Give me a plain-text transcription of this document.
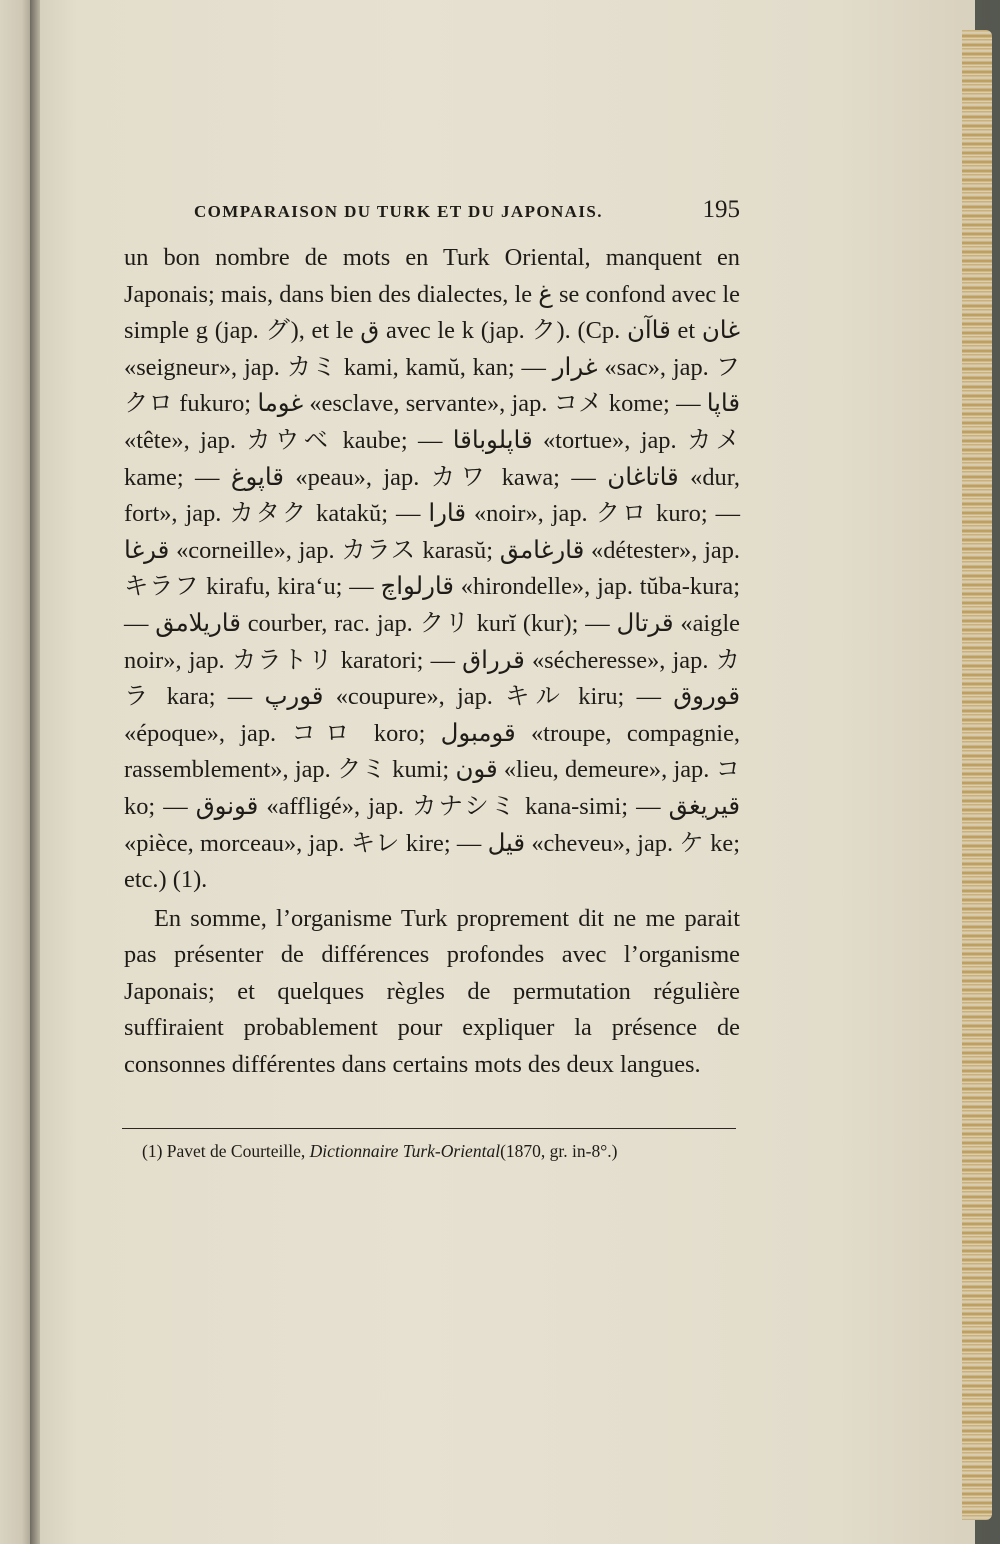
COMPARAISON DU TURK ET DU JAPONAIS.	195

un bon nombre de mots en Turk Oriental, manquent en Japonais; mais, dans bien des dialectes, le غ se confond avec le simple g (jap. グ), et le ق avec le k (jap. ク). (Cp. قاآن et غان «seigneur», jap. カミ kami, kamŭ, kan; — غرار «sac», jap. フクロ fukuro; غوما «esclave, servante», jap. コメ kome; — قاپا «tête», jap. カウベ kaube; — قاپلوباقا «tortue», jap. カメ kame; — قاپوغ «peau», jap. カワ kawa; — قاتاغان «dur, fort», jap. カタク katakŭ; — قارا «noir», jap. クロ kuro; — قرغا «corneille», jap. カラス karasŭ; قارغامق «détester», jap. キラフ kirafu, kira‘u; — قارلواچ «hirondelle», jap. tŭba-kura; — قاريلامق courber, rac. jap. クリ kurĭ (kur); — قرتال «aigle noir», jap. カラトリ karatori; — قرراق «sécheresse», jap. カラ kara; — قورپ «coupure», jap. キル kiru; — قوروق «époque», jap. コロ koro; قومبول «troupe, compagnie, rassemblement», jap. クミ kumi; قون «lieu, demeure», jap. コ ko; — قونوق «affligé», jap. カナシミ kana-simi; — قيريغق «pièce, morceau», jap. キレ kire; — قيل «cheveu», jap. ケ ke; etc.) (1).

En somme, l’organisme Turk proprement dit ne me parait pas présenter de différences profondes avec l’organisme Japonais; et quelques règles de permutation régulière suffiraient probablement pour expliquer la présence de consonnes différentes dans certains mots des deux langues.

(1) Pavet de Courteille, Dictionnaire Turk-Oriental(1870, gr. in-8°.)
